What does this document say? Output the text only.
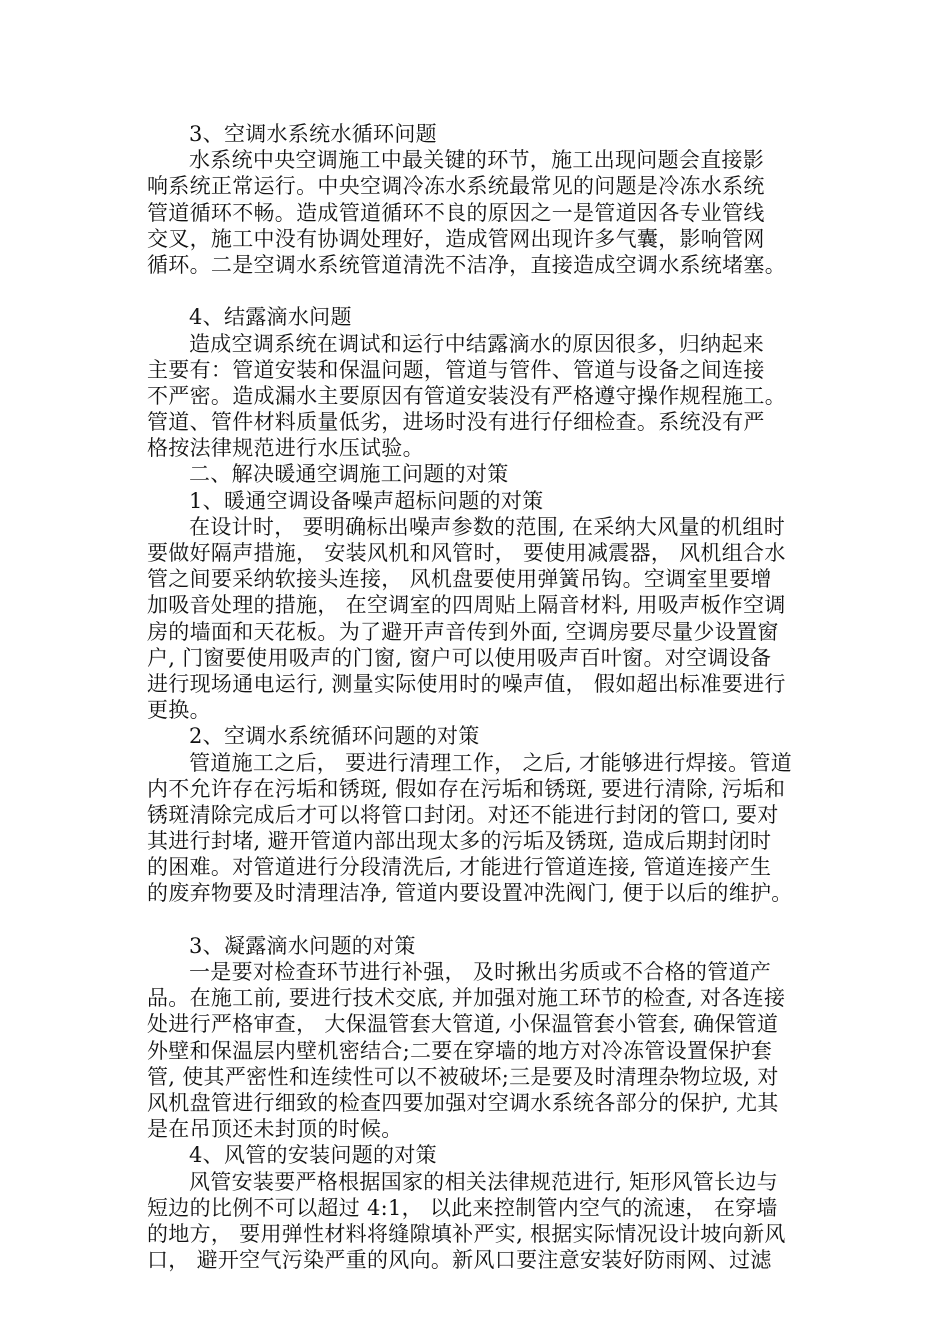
3、空调水系统水循环问题
水系统中央空调施工中最关键的环节，施工出现问题会直接影
响系统正常运行。中央空调冷冻水系统最常见的问题是冷冻水系统
管道循环不畅。造成管道循环不良的原因之一是管道因各专业管线
交叉，施工中没有协调处理好，造成管网出现许多气囊，影响管网
循环。二是空调水系统管道清洗不洁净，直接造成空调水系统堵塞。
4、结露滴水问题
造成空调系统在调试和运行中结露滴水的原因很多，归纳起来
主要有：管道安装和保温问题，管道与管件、管道与设备之间连接
不严密。造成漏水主要原因有管道安装没有严格遵守操作规程施工。
管道、管件材料质量低劣，进场时没有进行仔细检查。系统没有严
格按法律规范进行水压试验。
二、解决暖通空调施工问题的对策
1、暖通空调设备噪声超标问题的对策
在设计时， 要明确标出噪声参数的范围, 在采纳大风量的机组时
要做好隔声措施， 安装风机和风管时， 要使用减震器， 风机组合水
管之间要采纳软接头连接， 风机盘要使用弹簧吊钩。空调室里要增
加吸音处理的措施， 在空调室的四周贴上隔音材料, 用吸声板作空调
房的墙面和天花板。为了避开声音传到外面, 空调房要尽量少设置窗
户, 门窗要使用吸声的门窗, 窗户可以使用吸声百叶窗。对空调设备
进行现场通电运行, 测量实际使用时的噪声值， 假如超出标准要进行
更换。
2、空调水系统循环问题的对策
管道施工之后， 要进行清理工作， 之后, 才能够进行焊接。管道
内不允许存在污垢和锈斑, 假如存在污垢和锈斑, 要进行清除, 污垢和
锈斑清除完成后才可以将管口封闭。对还不能进行封闭的管口, 要对
其进行封堵, 避开管道内部出现太多的污垢及锈斑, 造成后期封闭时
的困难。对管道进行分段清洗后, 才能进行管道连接, 管道连接产生
的废弃物要及时清理洁净, 管道内要设置冲洗阀门, 便于以后的维护。
3、凝露滴水问题的对策
一是要对检查环节进行补强， 及时揪出劣质或不合格的管道产
品。在施工前, 要进行技术交底, 并加强对施工环节的检查, 对各连接
处进行严格审查， 大保温管套大管道, 小保温管套小管套, 确保管道
外壁和保温层内壁机密结合;二要在穿墙的地方对冷冻管设置保护套
管, 使其严密性和连续性可以不被破坏;三是要及时清理杂物垃圾, 对
风机盘管进行细致的检查四要加强对空调水系统各部分的保护, 尤其
是在吊顶还未封顶的时候。
4、风管的安装问题的对策
风管安装要严格根据国家的相关法律规范进行, 矩形风管长边与
短边的比例不可以超过 4:1， 以此来控制管内空气的流速， 在穿墙
的地方， 要用弹性材料将缝隙填补严实, 根据实际情况设计坡向新风
口， 避开空气污染严重的风向。新风口要注意安装好防雨网、过滤
